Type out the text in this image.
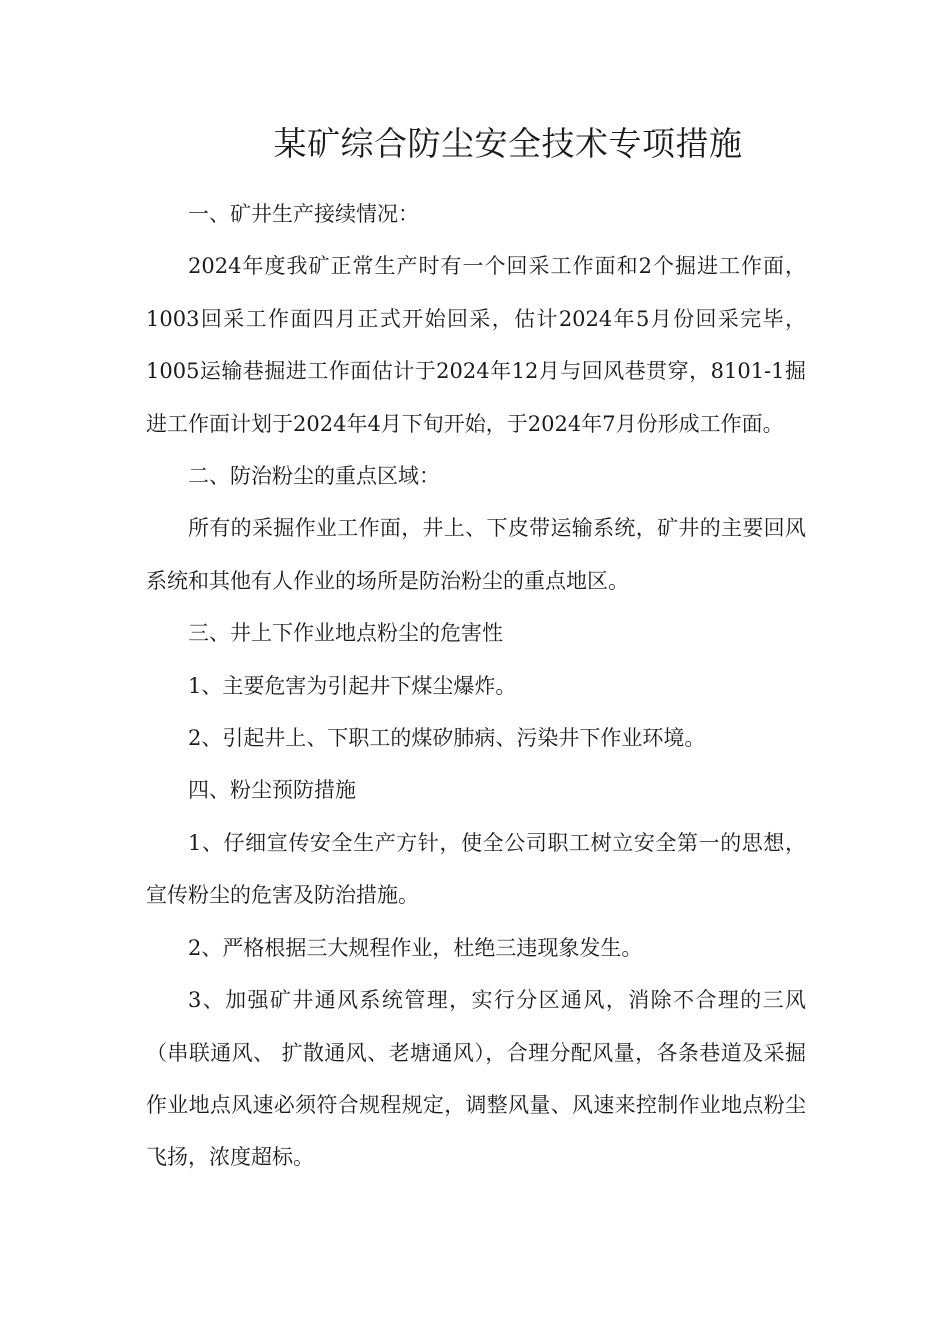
某矿综合防尘安全技术专项措施

一、矿井生产接续情况：

2024年度我矿正常生产时有一个回采工作面和2个掘进工作面，1003回采工作面四月正式开始回采，估计2024年5月份回采完毕，1005运输巷掘进工作面估计于2024年12月与回风巷贯穿，8101-1掘进工作面计划于2024年4月下旬开始，于2024年7月份形成工作面。

二、防治粉尘的重点区域：

所有的采掘作业工作面，井上、下皮带运输系统，矿井的主要回风系统和其他有人作业的场所是防治粉尘的重点地区。

三、井上下作业地点粉尘的危害性

1、主要危害为引起井下煤尘爆炸。

2、引起井上、下职工的煤矽肺病、污染井下作业环境。

四、粉尘预防措施

1、仔细宣传安全生产方针，使全公司职工树立安全第一的思想，宣传粉尘的危害及防治措施。

2、严格根据三大规程作业，杜绝三违现象发生。

3、加强矿井通风系统管理，实行分区通风，消除不合理的三风（串联通风、 扩散通风、老塘通风），合理分配风量，各条巷道及采掘作业地点风速必须符合规程规定，调整风量、风速来控制作业地点粉尘飞扬，浓度超标。
